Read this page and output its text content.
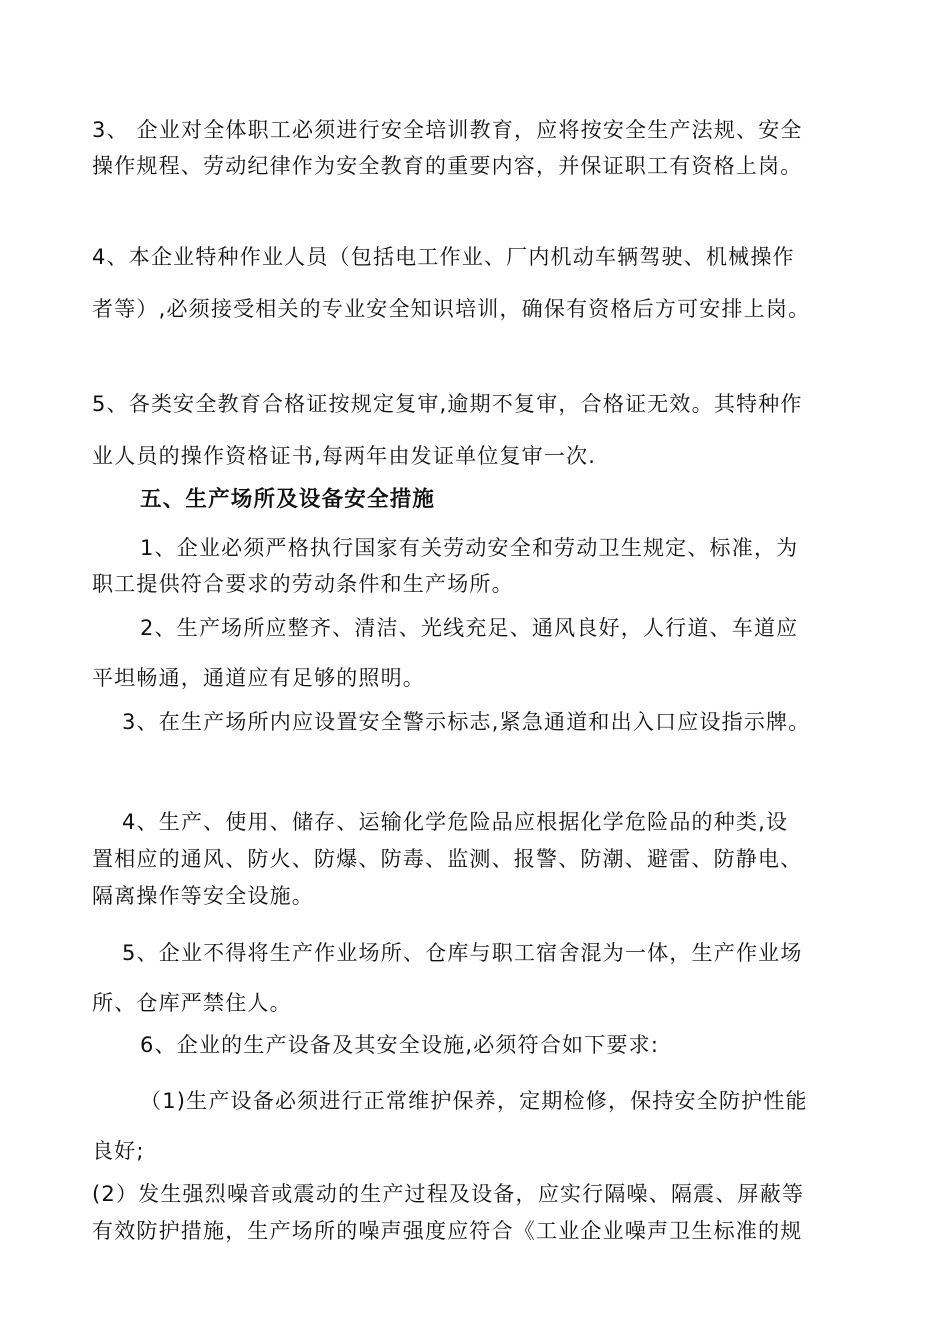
3、 企业对全体职工必须进行安全培训教育，应将按安全生产法规、安全
操作规程、劳动纪律作为安全教育的重要内容，并保证职工有资格上岗。

4、本企业特种作业人员（包括电工作业、厂内机动车辆驾驶、机械操作
者等）,必须接受相关的专业安全知识培训，确保有资格后方可安排上岗。

5、各类安全教育合格证按规定复审,逾期不复审，合格证无效。其特种作
业人员的操作资格证书,每两年由发证单位复审一次.

五、生产场所及设备安全措施

1、企业必须严格执行国家有关劳动安全和劳动卫生规定、标准，为
职工提供符合要求的劳动条件和生产场所。

2、生产场所应整齐、清洁、光线充足、通风良好，人行道、车道应
平坦畅通，通道应有足够的照明。

3、在生产场所内应设置安全警示标志,紧急通道和出入口应设指示牌。

4、生产、使用、储存、运输化学危险品应根据化学危险品的种类,设
置相应的通风、防火、防爆、防毒、监测、报警、防潮、避雷、防静电、
隔离操作等安全设施。

5、企业不得将生产作业场所、仓库与职工宿舍混为一体，生产作业场
所、仓库严禁住人。

6、企业的生产设备及其安全设施,必须符合如下要求:

（1)生产设备必须进行正常维护保养，定期检修，保持安全防护性能
良好;

(2）发生强烈噪音或震动的生产过程及设备，应实行隔噪、隔震、屏蔽等
有效防护措施，生产场所的噪声强度应符合《工业企业噪声卫生标准的规
